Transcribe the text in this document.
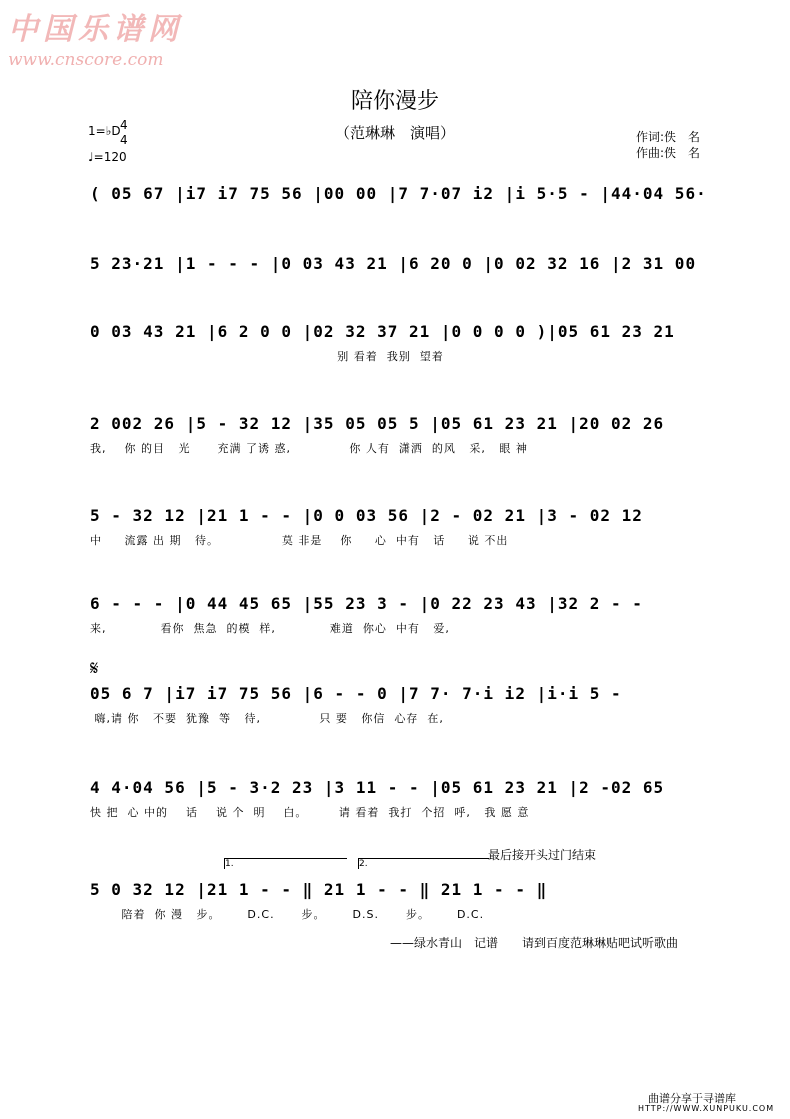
中国乐谱网
www.cnscore.com
陪你漫步
（范琳琳　演唱）
1=♭D 4
4
♩=120
作词:佚　名
作曲:佚　名
( 05 67 |i7 i7 75 56 |00 00 |7 7·07 i2 |i 5·5 - |44·04 56·
5 23·21 |1 - - - |0 03 43 21 |6 20 0 |0 02 32 16 |2 31 00
0 03 43 21 |6 2 0 0 |02 32 37 21 |0 0 0 0 )|05 61 23 21
别 看着  我别  望着
2 002 26 |5 - 32 12 |35 05 05 5 |05 61 23 21 |20 02 26
我,    你 的目   光      充满 了诱 惑,             你 人有  潇洒  的风   采,   眼 神
5 - 32 12 |21 1 - - |0 0 03 56 |2 - 02 21 |3 - 02 12
中     流露 出 期   待。              莫 非是    你     心  中有   话     说 不出
6 - - - |0 44 45 65 |55 23 3 - |0 22 23 43 |32 2 - -
来,            看你  焦急  的模  样,            难道  你心  中有   爱,
𝄋
05 6 7 |i7 i7 75 56 |6 - - 0 |7 7· 7·i i2 |i·i 5 -
嗨,请 你   不要  犹豫  等   待,             只 要   你信  心存  在,
4 4·04 56 |5 - 3·2 23 |3 11 - - |05 61 23 21 |2 -02 65
快 把  心 中的    话    说 个  明    白。       请 看着  我打  个招  呼,   我 愿 意
最后接开头过门结束
1.	2.
5 0 32 12 |21 1 - - ‖ 21 1 - - ‖ 21 1 - - ‖
陪着  你 漫   步。      D.C.      步。      D.S.      步。      D.C.
——绿水青山　记谱　　请到百度范琳琳贴吧试听歌曲
曲谱分享于寻谱库
HTTP://WWW.XUNPUKU.COM
